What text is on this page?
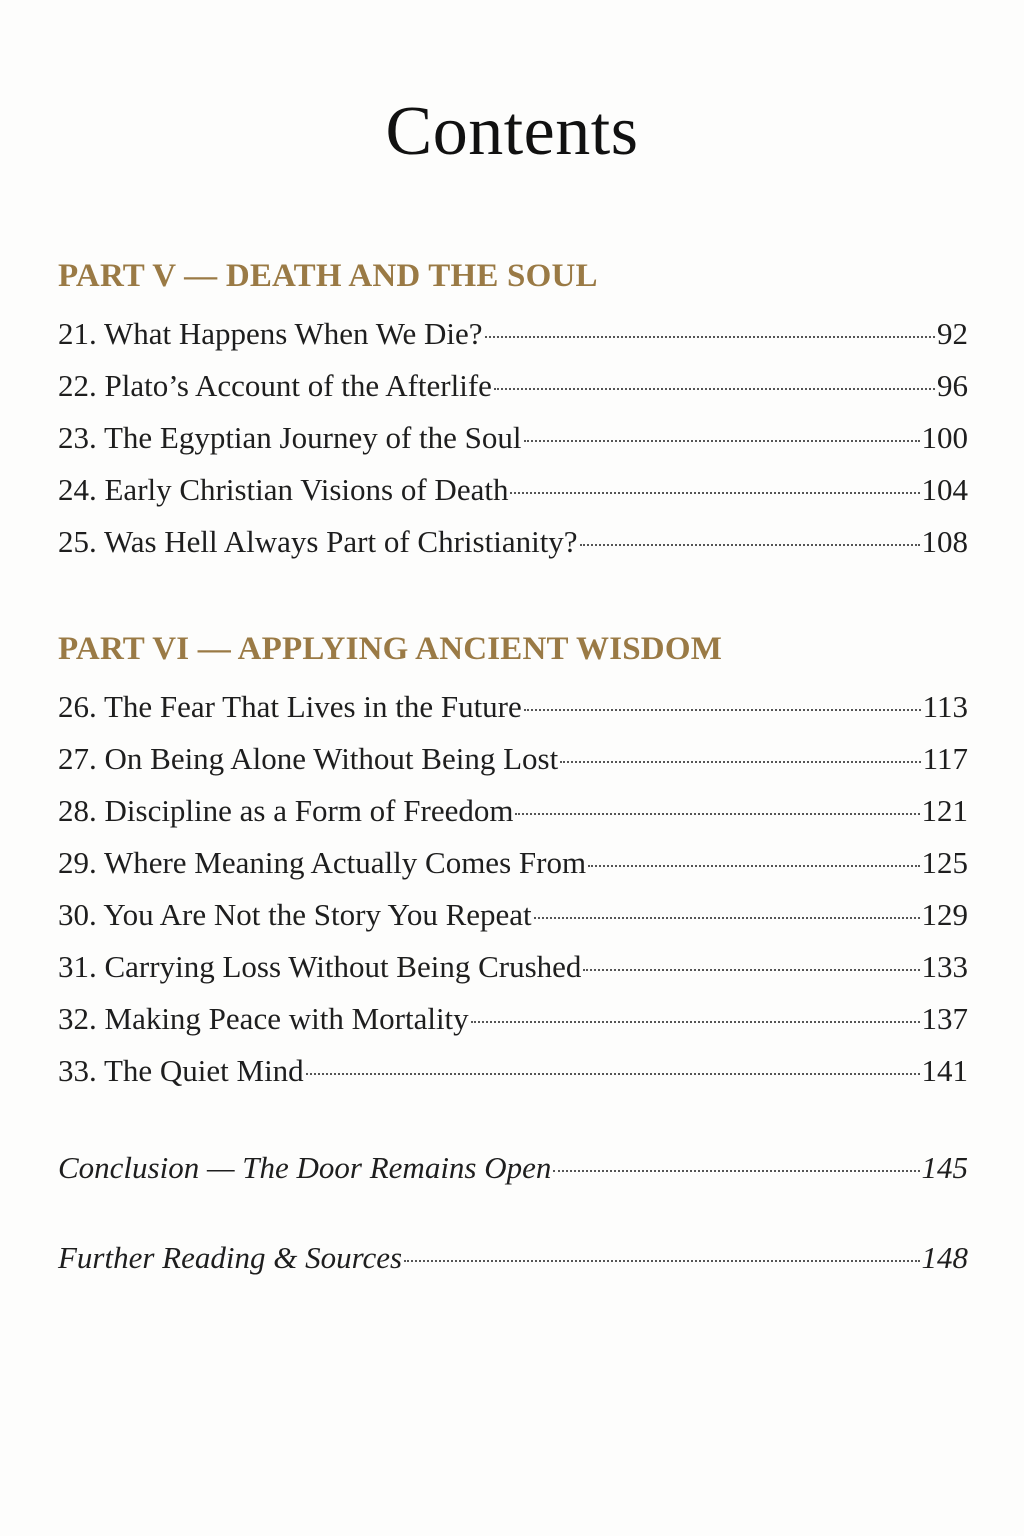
Contents
PART V — DEATH AND THE SOUL
21. What Happens When We Die?	92
22. Plato’s Account of the Afterlife	96
23. The Egyptian Journey of the Soul	100
24. Early Christian Visions of Death	104
25. Was Hell Always Part of Christianity?	108
PART VI — APPLYING ANCIENT WISDOM
26. The Fear That Lives in the Future	113
27. On Being Alone Without Being Lost	117
28. Discipline as a Form of Freedom	121
29. Where Meaning Actually Comes From	125
30. You Are Not the Story You Repeat	129
31. Carrying Loss Without Being Crushed	133
32. Making Peace with Mortality	137
33. The Quiet Mind	141
Conclusion — The Door Remains Open	145
Further Reading & Sources	148
